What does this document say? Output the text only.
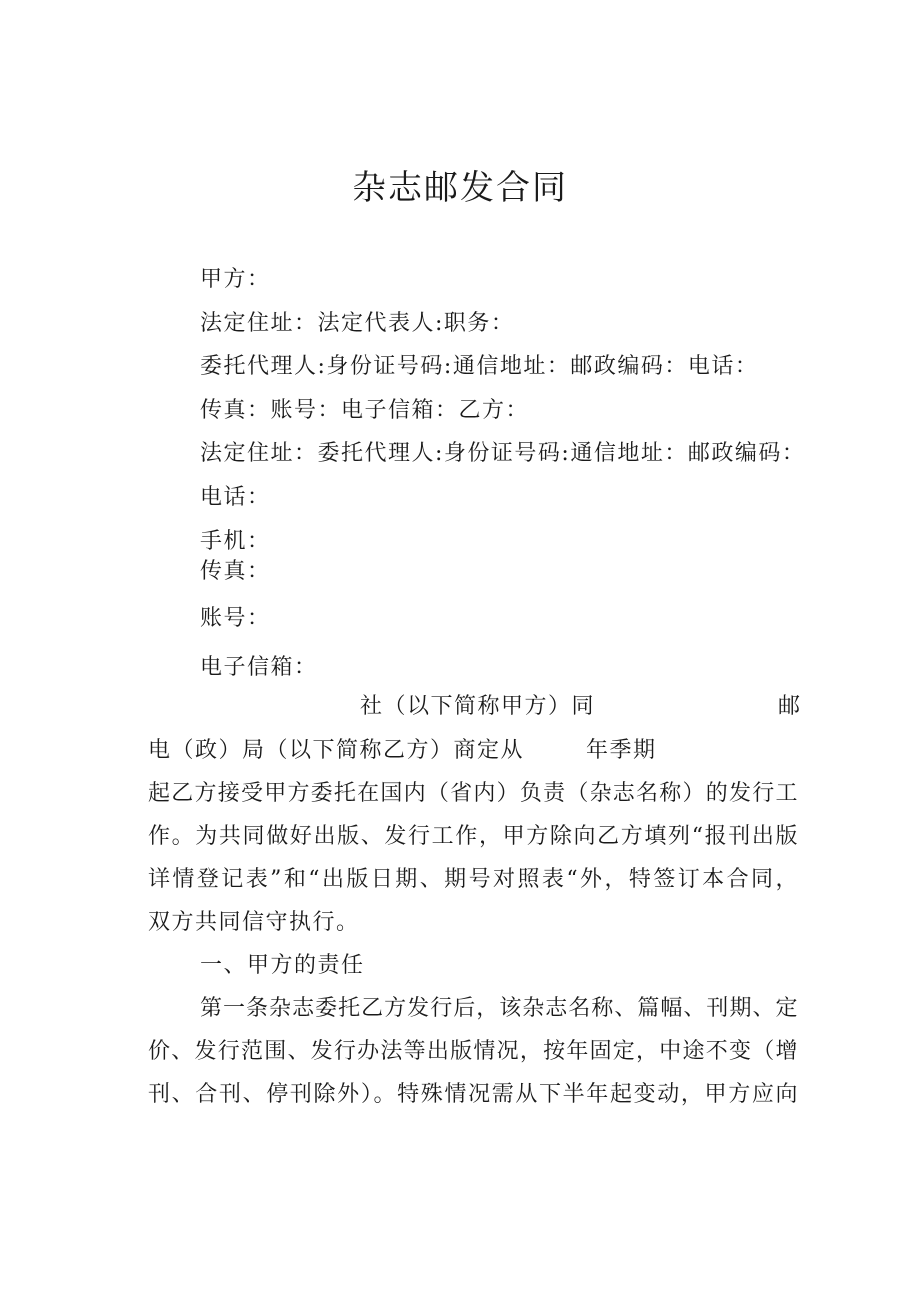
杂志邮发合同
甲方：
法定住址：法定代表人:职务：
委托代理人:身份证号码:通信地址：邮政编码：电话：
传真：账号：电子信箱：乙方：
法定住址：委托代理人:身份证号码:通信地址：邮政编码：
电话：
手机：
传真：
账号：
电子信箱：
社（以下简称甲方）同	邮
电（政）局（以下简称乙方）商定从	年季期
起乙方接受甲方委托在国内（省内）负责（杂志名称）的发行工
作。为共同做好出版、发行工作，甲方除向乙方填列“报刊出版
详情登记表”和“出版日期、期号对照表“外，特签订本合同，
双方共同信守执行。
一、甲方的责任
第一条杂志委托乙方发行后，该杂志名称、篇幅、刊期、定
价、发行范围、发行办法等出版情况，按年固定，中途不变（增
刊、合刊、停刊除外）。特殊情况需从下半年起变动，甲方应向
